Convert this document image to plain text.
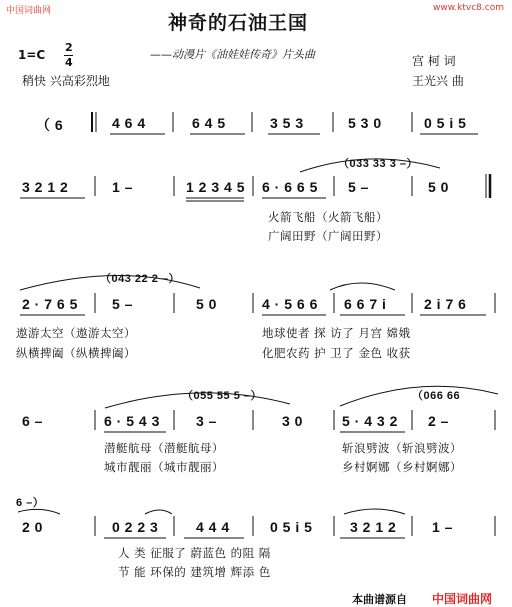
中国词曲网	www.ktvc8.com
神奇的石油王国
——动漫片《油娃娃传奇》片头曲
1=C
2
4
稍快 兴高彩烈地
宫 柯 词
王光兴 曲
（ 6	4 6 4	6 4 5	3 5 3	5 3 0	0 5 i 5
（033 33 3 –）
3 2 1 2	1 –	1 2 3 4 5 6 · 6 6 5 5 –	5 0
火箭飞船（火箭飞船）
广阔田野（广阔田野）
（043 22 2 –）
2 · 7 6 5 5 –	5 0	4 · 5 6 6 6 6 7 i	2 i 7 6
遨游太空（遨游太空）	地球使者 探 访了 月宫 嫦娥
纵横捭阖（纵横捭阖）	化肥农药 护 卫了 金色 收获
（055 55 5 –）	（066 66
6 –	6 · 5 4 3	3 –	3 0	5 · 4 3 2 2 –
潜艇航母（潜艇航母）	斩浪劈波（斩浪劈波）
城市靓丽（城市靓丽）	乡村婀娜（乡村婀娜）
6 –）
2 0	0 2 2 3	4 4 4	0 5 i 5	3 2 1 2	1 –
人 类 征服了 蔚蓝色 的阻 隔
节 能 环保的 建筑增 辉添 色
本曲谱源自 中国词曲网
